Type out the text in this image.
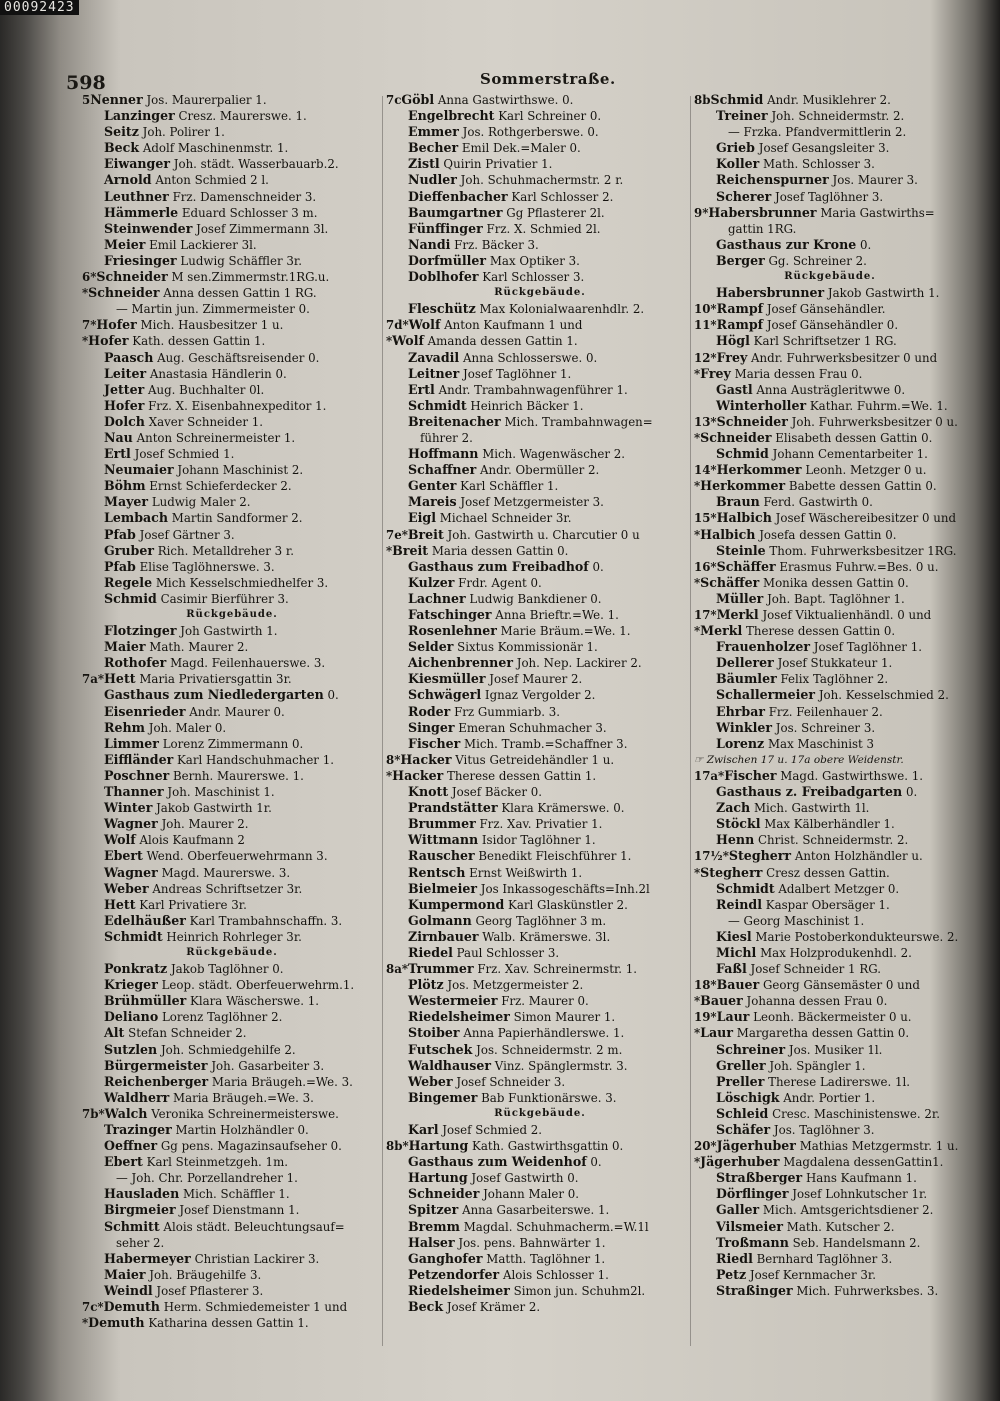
00092423
598	Sommerstraße.
5Nenner Jos. Maurerpalier 1.
Lanzinger Cresz. Maurerswe. 1.
Seitz Joh. Polirer 1.
Beck Adolf Maschinenmstr. 1.
Eiwanger Joh. städt. Wasserbauarb.2.
Arnold Anton Schmied 2 l.
Leuthner Frz. Damenschneider 3.
Hämmerle Eduard Schlosser 3 m.
Steinwender Josef Zimmermann 3l.
Meier Emil Lackierer 3l.
Friesinger Ludwig Schäffler 3r.
6*Schneider M sen.Zimmermstr.1RG.u.
*Schneider Anna dessen Gattin 1 RG.
— Martin jun. Zimmermeister 0.
7*Hofer Mich. Hausbesitzer 1 u.
*Hofer Kath. dessen Gattin 1.
Paasch Aug. Geschäftsreisender 0.
Leiter Anastasia Händlerin 0.
Jetter Aug. Buchhalter 0l.
Hofer Frz. X. Eisenbahnexpeditor 1.
Dolch Xaver Schneider 1.
Nau Anton Schreinermeister 1.
Ertl Josef Schmied 1.
Neumaier Johann Maschinist 2.
Böhm Ernst Schieferdecker 2.
Mayer Ludwig Maler 2.
Lembach Martin Sandformer 2.
Pfab Josef Gärtner 3.
Gruber Rich. Metalldreher 3 r.
Pfab Elise Taglöhnerswe. 3.
Regele Mich Kesselschmiedhelfer 3.
Schmid Casimir Bierführer 3.
Rückgebäude.
Flotzinger Joh Gastwirth 1.
Maier Math. Maurer 2.
Rothofer Magd. Feilenhauerswe. 3.
7a*Hett Maria Privatiersgattin 3r.
Gasthaus zum Niedledergarten 0.
Eisenrieder Andr. Maurer 0.
Rehm Joh. Maler 0.
Limmer Lorenz Zimmermann 0.
Eiffländer Karl Handschuhmacher 1.
Poschner Bernh. Maurerswe. 1.
Thanner Joh. Maschinist 1.
Winter Jakob Gastwirth 1r.
Wagner Joh. Maurer 2.
Wolf Alois Kaufmann 2
Ebert Wend. Oberfeuerwehrmann 3.
Wagner Magd. Maurerswe. 3.
Weber Andreas Schriftsetzer 3r.
Hett Karl Privatiere 3r.
Edelhäußer Karl Trambahnschaffn. 3.
Schmidt Heinrich Rohrleger 3r.
Rückgebäude.
Ponkratz Jakob Taglöhner 0.
Krieger Leop. städt. Oberfeuerwehrm.1.
Brühmüller Klara Wäscherswe. 1.
Deliano Lorenz Taglöhner 2.
Alt Stefan Schneider 2.
Sutzlen Joh. Schmiedgehilfe 2.
Bürgermeister Joh. Gasarbeiter 3.
Reichenberger Maria Bräugeh.=We. 3.
Waldherr Maria Bräugeh.=We. 3.
7b*Walch Veronika Schreinermeisterswe.
Trazinger Martin Holzhändler 0.
Oeffner Gg pens. Magazinsaufseher 0.
Ebert Karl Steinmetzgeh. 1m.
— Joh. Chr. Porzellandreher 1.
Hausladen Mich. Schäffler 1.
Birgmeier Josef Dienstmann 1.
Schmitt Alois städt. Beleuchtungsauf=
seher 2.
Habermeyer Christian Lackirer 3.
Maier Joh. Bräugehilfe 3.
Weindl Josef Pflasterer 3.
7c*Demuth Herm. Schmiedemeister 1 und
*Demuth Katharina dessen Gattin 1.
7cGöbl Anna Gastwirthswe. 0.
Engelbrecht Karl Schreiner 0.
Emmer Jos. Rothgerberswe. 0.
Becher Emil Dek.=Maler 0.
Zistl Quirin Privatier 1.
Nudler Joh. Schuhmachermstr. 2 r.
Dieffenbacher Karl Schlosser 2.
Baumgartner Gg Pflasterer 2l.
Fünffinger Frz. X. Schmied 2l.
Nandi Frz. Bäcker 3.
Dorfmüller Max Optiker 3.
Doblhofer Karl Schlosser 3.
Rückgebäude.
Fleschütz Max Kolonialwaarenhdlr. 2.
7d*Wolf Anton Kaufmann 1 und
*Wolf Amanda dessen Gattin 1.
Zavadil Anna Schlosserswe. 0.
Leitner Josef Taglöhner 1.
Ertl Andr. Trambahnwagenführer 1.
Schmidt Heinrich Bäcker 1.
Breitenacher Mich. Trambahnwagen=
führer 2.
Hoffmann Mich. Wagenwäscher 2.
Schaffner Andr. Obermüller 2.
Genter Karl Schäffler 1.
Mareis Josef Metzgermeister 3.
Eigl Michael Schneider 3r.
7e*Breit Joh. Gastwirth u. Charcutier 0 u
*Breit Maria dessen Gattin 0.
Gasthaus zum Freibadhof 0.
Kulzer Frdr. Agent 0.
Lachner Ludwig Bankdiener 0.
Fatschinger Anna Brieftr.=We. 1.
Rosenlehner Marie Bräum.=We. 1.
Selder Sixtus Kommissionär 1.
Aichenbrenner Joh. Nep. Lackirer 2.
Kiesmüller Josef Maurer 2.
Schwägerl Ignaz Vergolder 2.
Roder Frz Gummiarb. 3.
Singer Emeran Schuhmacher 3.
Fischer Mich. Tramb.=Schaffner 3.
8*Hacker Vitus Getreidehändler 1 u.
*Hacker Therese dessen Gattin 1.
Knott Josef Bäcker 0.
Prandstätter Klara Krämerswe. 0.
Brummer Frz. Xav. Privatier 1.
Wittmann Isidor Taglöhner 1.
Rauscher Benedikt Fleischführer 1.
Rentsch Ernst Weißwirth 1.
Bielmeier Jos Inkassogeschäfts=Inh.2l
Kumpermond Karl Glaskünstler 2.
Golmann Georg Taglöhner 3 m.
Zirnbauer Walb. Krämerswe. 3l.
Riedel Paul Schlosser 3.
8a*Trummer Frz. Xav. Schreinermstr. 1.
Plötz Jos. Metzgermeister 2.
Westermeier Frz. Maurer 0.
Riedelsheimer Simon Maurer 1.
Stoiber Anna Papierhändlerswe. 1.
Futschek Jos. Schneidermstr. 2 m.
Waldhauser Vinz. Spänglermstr. 3.
Weber Josef Schneider 3.
Bingemer Bab Funktionärswe. 3.
Rückgebäude.
Karl Josef Schmied 2.
8b*Hartung Kath. Gastwirthsgattin 0.
Gasthaus zum Weidenhof 0.
Hartung Josef Gastwirth 0.
Schneider Johann Maler 0.
Spitzer Anna Gasarbeiterswe. 1.
Bremm Magdal. Schuhmacherm.=W.1l
Halser Jos. pens. Bahnwärter 1.
Ganghofer Matth. Taglöhner 1.
Petzendorfer Alois Schlosser 1.
Riedelsheimer Simon jun. Schuhm2l.
Beck Josef Krämer 2.
8bSchmid Andr. Musiklehrer 2.
Treiner Joh. Schneidermstr. 2.
— Frzka. Pfandvermittlerin 2.
Grieb Josef Gesangsleiter 3.
Koller Math. Schlosser 3.
Reichenspurner Jos. Maurer 3.
Scherer Josef Taglöhner 3.
9*Habersbrunner Maria Gastwirths=
gattin 1RG.
Gasthaus zur Krone 0.
Berger Gg. Schreiner 2.
Rückgebäude.
Habersbrunner Jakob Gastwirth 1.
10*Rampf Josef Gänsehändler.
11*Rampf Josef Gänsehändler 0.
Högl Karl Schriftsetzer 1 RG.
12*Frey Andr. Fuhrwerksbesitzer 0 und
*Frey Maria dessen Frau 0.
Gastl Anna Austrägleritwwe 0.
Winterholler Kathar. Fuhrm.=We. 1.
13*Schneider Joh. Fuhrwerksbesitzer 0 u.
*Schneider Elisabeth dessen Gattin 0.
Schmid Johann Cementarbeiter 1.
14*Herkommer Leonh. Metzger 0 u.
*Herkommer Babette dessen Gattin 0.
Braun Ferd. Gastwirth 0.
15*Halbich Josef Wäschereibesitzer 0 und
*Halbich Josefa dessen Gattin 0.
Steinle Thom. Fuhrwerksbesitzer 1RG.
16*Schäffer Erasmus Fuhrw.=Bes. 0 u.
*Schäffer Monika dessen Gattin 0.
Müller Joh. Bapt. Taglöhner 1.
17*Merkl Josef Viktualienhändl. 0 und
*Merkl Therese dessen Gattin 0.
Frauenholzer Josef Taglöhner 1.
Dellerer Josef Stukkateur 1.
Bäumler Felix Taglöhner 2.
Schallermeier Joh. Kesselschmied 2.
Ehrbar Frz. Feilenhauer 2.
Winkler Jos. Schreiner 3.
Lorenz Max Maschinist 3
☞ Zwischen 17 u. 17a obere Weidenstr.
17a*Fischer Magd. Gastwirthswe. 1.
Gasthaus z. Freibadgarten 0.
Zach Mich. Gastwirth 1l.
Stöckl Max Kälberhändler 1.
Henn Christ. Schneidermstr. 2.
17½*Stegherr Anton Holzhändler u.
*Stegherr Cresz dessen Gattin.
Schmidt Adalbert Metzger 0.
Reindl Kaspar Obersäger 1.
— Georg Maschinist 1.
Kiesl Marie Postoberkondukteurswe. 2.
Michl Max Holzprodukenhdl. 2.
Faßl Josef Schneider 1 RG.
18*Bauer Georg Gänsemäster 0 und
*Bauer Johanna dessen Frau 0.
19*Laur Leonh. Bäckermeister 0 u.
*Laur Margaretha dessen Gattin 0.
Schreiner Jos. Musiker 1l.
Greller Joh. Spängler 1.
Preller Therese Ladirerswe. 1l.
Löschigk Andr. Portier 1.
Schleid Cresc. Maschinistenswe. 2r.
Schäfer Jos. Taglöhner 3.
20*Jägerhuber Mathias Metzgermstr. 1 u.
*Jägerhuber Magdalena dessenGattin1.
Straßberger Hans Kaufmann 1.
Dörflinger Josef Lohnkutscher 1r.
Galler Mich. Amtsgerichtsdiener 2.
Vilsmeier Math. Kutscher 2.
Troßmann Seb. Handelsmann 2.
Riedl Bernhard Taglöhner 3.
Petz Josef Kernmacher 3r.
Straßinger Mich. Fuhrwerksbes. 3.
